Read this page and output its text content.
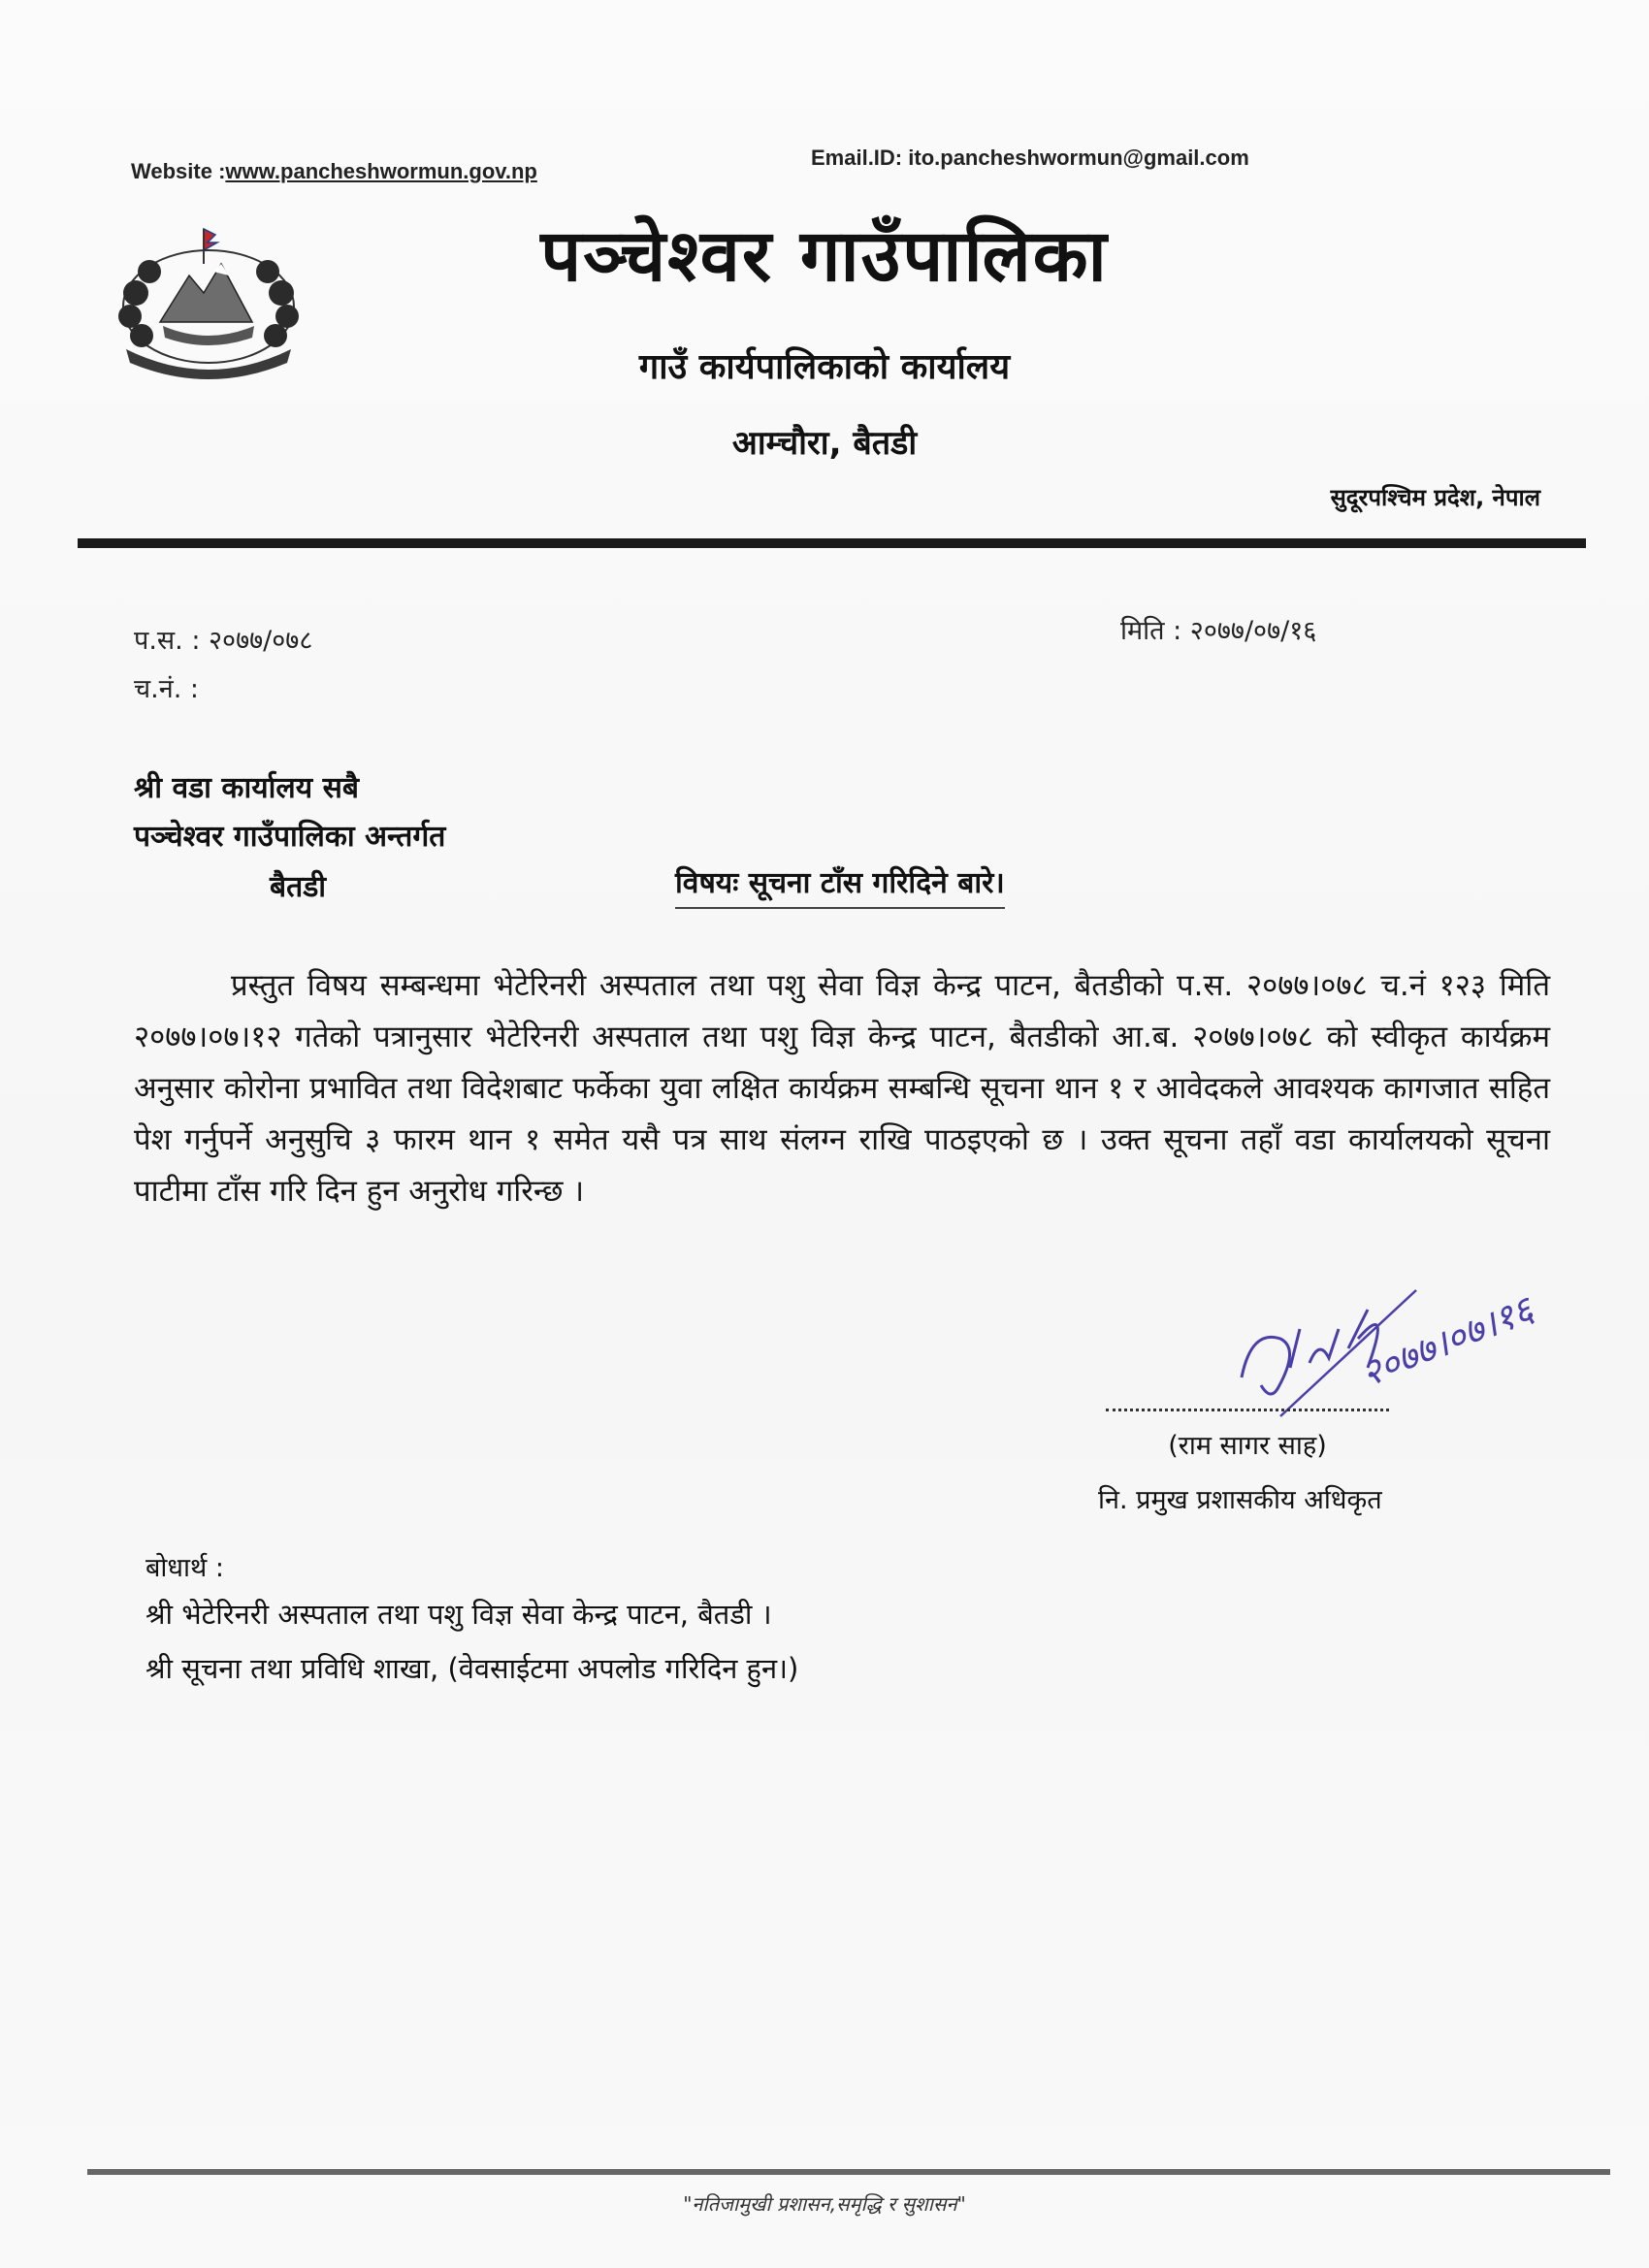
Website :www.pancheshwormun.gov.np
Email.ID: ito.pancheshwormun@gmail.com
पञ्चेश्वर गाउँपालिका
गाउँ कार्यपालिकाको कार्यालय
आम्चौरा, बैतडी
सुदूरपश्चिम प्रदेश, नेपाल
प.स. : २०७७/०७८
च.नं. :
मिति : २०७७/०७/१६
श्री वडा कार्यालय सबै
पञ्चेश्वर गाउँपालिका अन्तर्गत
बैतडी	विषयः सूचना टाँस गरिदिने बारे।

प्रस्तुत विषय सम्बन्धमा भेटेरिनरी अस्पताल तथा पशु सेवा विज्ञ केन्द्र पाटन, बैतडीको प.स. २०७७।०७८ च.नं १२३ मिति २०७७।०७।१२ गतेको पत्रानुसार भेटेरिनरी अस्पताल तथा पशु विज्ञ केन्द्र पाटन, बैतडीको आ.ब. २०७७।०७८ को स्वीकृत कार्यक्रम अनुसार कोरोना प्रभावित तथा विदेशबाट फर्केका युवा लक्षित कार्यक्रम सम्बन्धि सूचना थान १ र आवेदकले आवश्यक कागजात सहित पेश गर्नुपर्ने अनुसुचि ३ फारम थान १ समेत यसै पत्र साथ संलग्न राखि पाठइएको छ । उक्त सूचना तहाँ वडा कार्यालयको सूचना पाटीमा टाँस गरि दिन हुन अनुरोध गरिन्छ ।

२०७७।०७।१६
(राम सागर साह)
नि. प्रमुख प्रशासकीय अधिकृत
बोधार्थ :
श्री भेटेरिनरी अस्पताल तथा पशु विज्ञ सेवा केन्द्र पाटन, बैतडी ।
श्री सूचना तथा प्रविधि शाखा, (वेवसाईटमा अपलोड गरिदिन हुन।)
"नतिजामुखी प्रशासन,समृद्धि र सुशासन"
